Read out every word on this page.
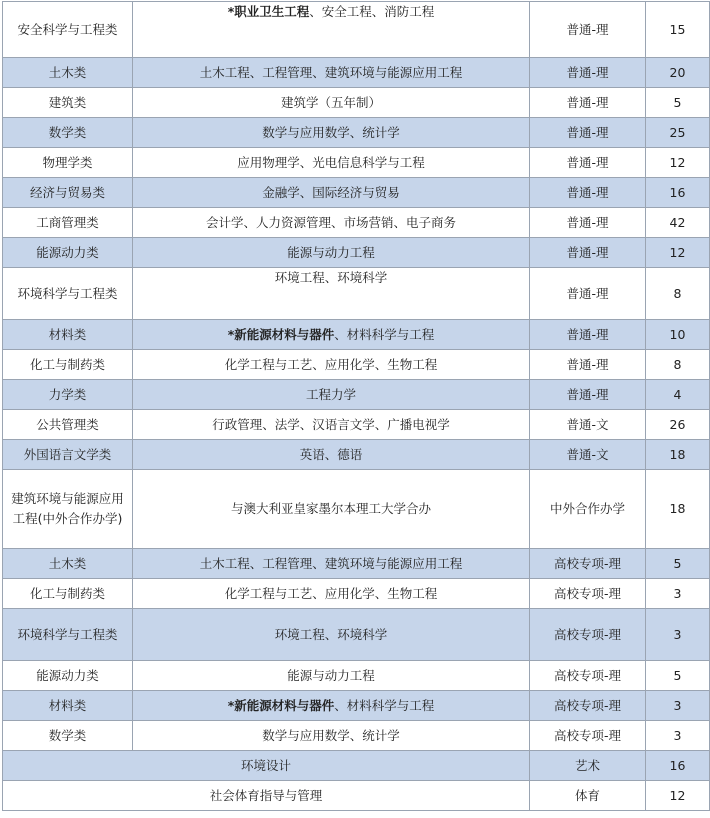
安全科学与工程类	*职业卫生工程、安全工程、消防工程	普通-理	15
土木类	土木工程、工程管理、建筑环境与能源应用工程	普通-理	20
建筑类	建筑学（五年制）	普通-理	5
数学类	数学与应用数学、统计学	普通-理	25
物理学类	应用物理学、光电信息科学与工程	普通-理	12
经济与贸易类	金融学、国际经济与贸易	普通-理	16
工商管理类	会计学、人力资源管理、市场营销、电子商务	普通-理	42
能源动力类	能源与动力工程	普通-理	12
环境科学与工程类	环境工程、环境科学	普通-理	8
材料类	*新能源材料与器件、材料科学与工程	普通-理	10
化工与制药类	化学工程与工艺、应用化学、生物工程	普通-理	8
力学类	工程力学	普通-理	4
公共管理类	行政管理、法学、汉语言文学、广播电视学	普通-文	26
外国语言文学类	英语、德语	普通-文	18
建筑环境与能源应用工程(中外合作办学)	与澳大利亚皇家墨尔本理工大学合办	中外合作办学	18
土木类	土木工程、工程管理、建筑环境与能源应用工程	高校专项-理	5
化工与制药类	化学工程与工艺、应用化学、生物工程	高校专项-理	3
环境科学与工程类	环境工程、环境科学	高校专项-理	3
能源动力类	能源与动力工程	高校专项-理	5
材料类	*新能源材料与器件、材料科学与工程	高校专项-理	3
数学类	数学与应用数学、统计学	高校专项-理	3
环境设计		艺术	16
社会体育指导与管理		体育	12
